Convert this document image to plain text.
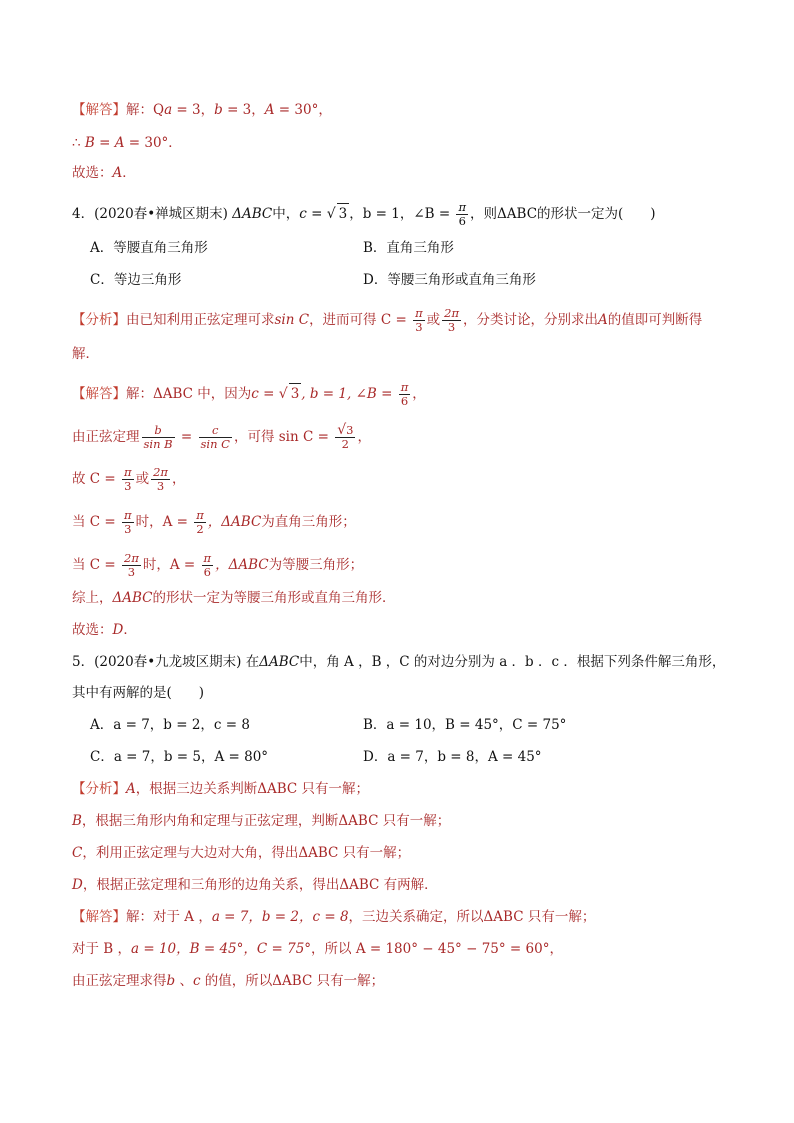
【解答】解：Qa = 3，b = 3，A = 30°，
∴ B = A = 30°．
故选：A．
4．(2020春•禅城区期末) ΔABC中，c = √ 3 ，b = 1，∠B = $\frac{\pi}{6}$ ，则ΔABC的形状一定为(　　)
A．等腰直角三角形	B．直角三角形
C．等边三角形	D．等腰三角形或直角三角形
【分析】由已知利用正弦定理可求sin C，进而可得 $C = \frac{\pi}{3}$ 或 $\frac{2\pi}{3}$ ，分类讨论，分别求出A的值即可判断得
解．
【解答】解：ΔABC 中，因为c = √ 3 , b = 1, ∠B = $\frac{\pi}{6}$ ，
由正弦定理 $\frac{b}{\text{sin B}} = \frac{c}{\text{sin C}}$ ，可得 $\sin C = \frac{√3}{2}$ ，
故 $C = \frac{\pi}{3}$ 或 $\frac{2\pi}{3}$ ，
当 $C = \frac{\pi}{3}$ 时，$A = \frac{\pi}{2}$ ，ΔABC为直角三角形；
当 $C = \frac{2\pi}{3}$ 时，$A = \frac{\pi}{6}$ ，ΔABC为等腰三角形；
综上，ΔABC的形状一定为等腰三角形或直角三角形．
故选：D．
5．(2020春•九龙坡区期末) 在ΔABC中，角 A ，B ，C 的对边分别为 a ．b ．c ．根据下列条件解三角形，
其中有两解的是(　　)
A．a = 7，b = 2，c = 8	B．a = 10，B = 45°，C = 75°
C．a = 7，b = 5，A = 80°	D．a = 7，b = 8，A = 45°
【分析】A，根据三边关系判断ΔABC 只有一解；
B，根据三角形内角和定理与正弦定理，判断ΔABC 只有一解；
C，利用正弦定理与大边对大角，得出ΔABC 只有一解；
D，根据正弦定理和三角形的边角关系，得出ΔABC 有两解．
【解答】解：对于 A ，a = 7，b = 2，c = 8，三边关系确定，所以ΔABC 只有一解；
对于 B ，a = 10，B = 45°，C = 75°，所以 A = 180° − 45° − 75° = 60°，
由正弦定理求得b 、c 的值，所以ΔABC 只有一解；
